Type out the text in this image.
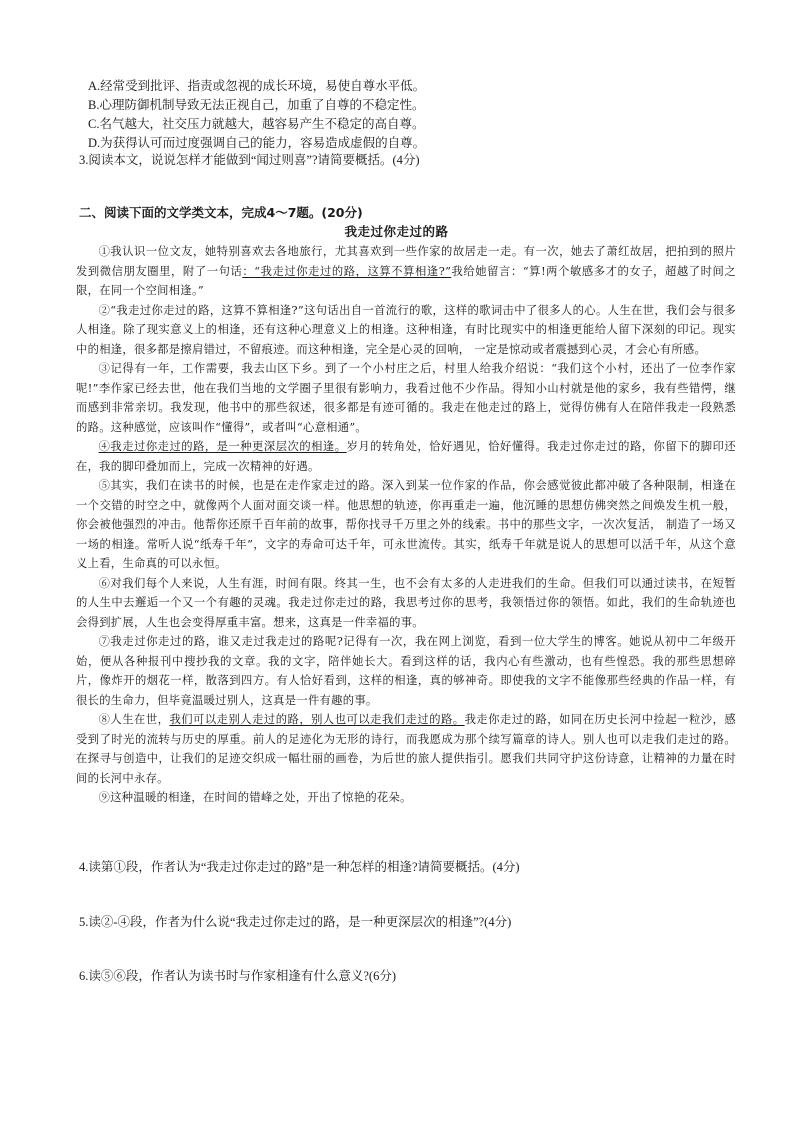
A.经常受到批评、指责或忽视的成长环境，易使自尊水平低。
B.心理防御机制导致无法正视自己，加重了自尊的不稳定性。
C.名气越大，社交压力就越大，越容易产生不稳定的高自尊。
D.为获得认可而过度强调自己的能力，容易造成虚假的自尊。
3.阅读本文，说说怎样才能做到“闻过则喜”?请简要概括。(4分)
二、阅读下面的文学类文本，完成4～7题。(20分)
我走过你走过的路

①我认识一位文友，她特别喜欢去各地旅行，尤其喜欢到一些作家的故居走一走。有一次，她去了萧红故居，把拍到的照片发到微信朋友圈里，附了一句话：“我走过你走过的路，这算不算相逢?”我给她留言：“算!两个敏感多才的女子，超越了时间之限，在同一个空间相逢。”

②“我走过你走过的路，这算不算相逢?”这句话出自一首流行的歌，这样的歌词击中了很多人的心。人生在世，我们会与很多人相逢。除了现实意义上的相逢，还有这种心理意义上的相逢。这种相逢，有时比现实中的相逢更能给人留下深刻的印记。现实中的相逢，很多都是擦肩错过，不留痕迹。而这种相逢，完全是心灵的回响， 一定是惊动或者震撼到心灵，才会心有所感。

③记得有一年，工作需要，我去山区下乡。到了一个小村庄之后，村里人给我介绍说：“我们这个小村，还出了一位李作家呢!”李作家已经去世，他在我们当地的文学圈子里很有影响力，我看过他不少作品。得知小山村就是他的家乡，我有些错愕，继而感到非常亲切。我发现，他书中的那些叙述，很多都是有迹可循的。我走在他走过的路上，觉得仿佛有人在陪伴我走一段熟悉的路。这种感觉，应该叫作“懂得”，或者叫“心意相通”。

④我走过你走过的路，是一种更深层次的相逢。岁月的转角处，恰好遇见，恰好懂得。我走过你走过的路，你留下的脚印还在，我的脚印叠加而上，完成一次精神的好遇。

⑤其实，我们在读书的时候，也是在走作家走过的路。深入到某一位作家的作品，你会感觉彼此都冲破了各种限制，相逢在一个交错的时空之中，就像两个人面对面交谈一样。他思想的轨迹，你再重走一遍，他沉睡的思想仿佛突然之间焕发生机一般，你会被他强烈的冲击。他帮你还原千百年前的故事，帮你找寻千万里之外的线索。书中的那些文字，一次次复活， 制造了一场又一场的相逢。常听人说“纸寿千年”，文字的寿命可达千年，可永世流传。其实，纸寿千年就是说人的思想可以活千年，从这个意义上看，生命真的可以永恒。

⑥对我们每个人来说，人生有涯，时间有限。终其一生，也不会有太多的人走进我们的生命。但我们可以通过读书，在短暂的人生中去邂逅一个又一个有趣的灵魂。我走过你走过的路，我思考过你的思考，我领悟过你的领悟。如此，我们的生命轨迹也会得到扩展，人生也会变得厚重丰富。想来，这真是一件幸福的事。

⑦我走过你走过的路，谁又走过我走过的路呢?记得有一次，我在网上浏览，看到一位大学生的博客。她说从初中二年级开始，便从各种报刊中搜抄我的文章。我的文字，陪伴她长大。看到这样的话，我内心有些激动，也有些惶恐。我的那些思想碎片，像炸开的烟花一样，散落到四方。有人恰好看到，这样的相逢，真的够神奇。即使我的文字不能像那些经典的作品一样，有很长的生命力，但毕竟温暖过别人，这真是一件有趣的事。

⑧人生在世，我们可以走别人走过的路，别人也可以走我们走过的路。我走你走过的路，如同在历史长河中捡起一粒沙，感受到了时光的流转与历史的厚重。前人的足迹化为无形的诗行，而我愿成为那个续写篇章的诗人。别人也可以走我们走过的路。在探寻与创造中，让我们的足迹交织成一幅壮丽的画卷，为后世的旅人提供指引。愿我们共同守护这份诗意，让精神的力量在时间的长河中永存。

⑨这种温暖的相逢，在时间的错峰之处，开出了惊艳的花朵。

4.读第①段，作者认为“我走过你走过的路”是一种怎样的相逢?请简要概括。(4分)
5.读②-④段，作者为什么说“我走过你走过的路，是一种更深层次的相逢”?(4分)
6.读⑤⑥段，作者认为读书时与作家相逢有什么意义?(6分)
